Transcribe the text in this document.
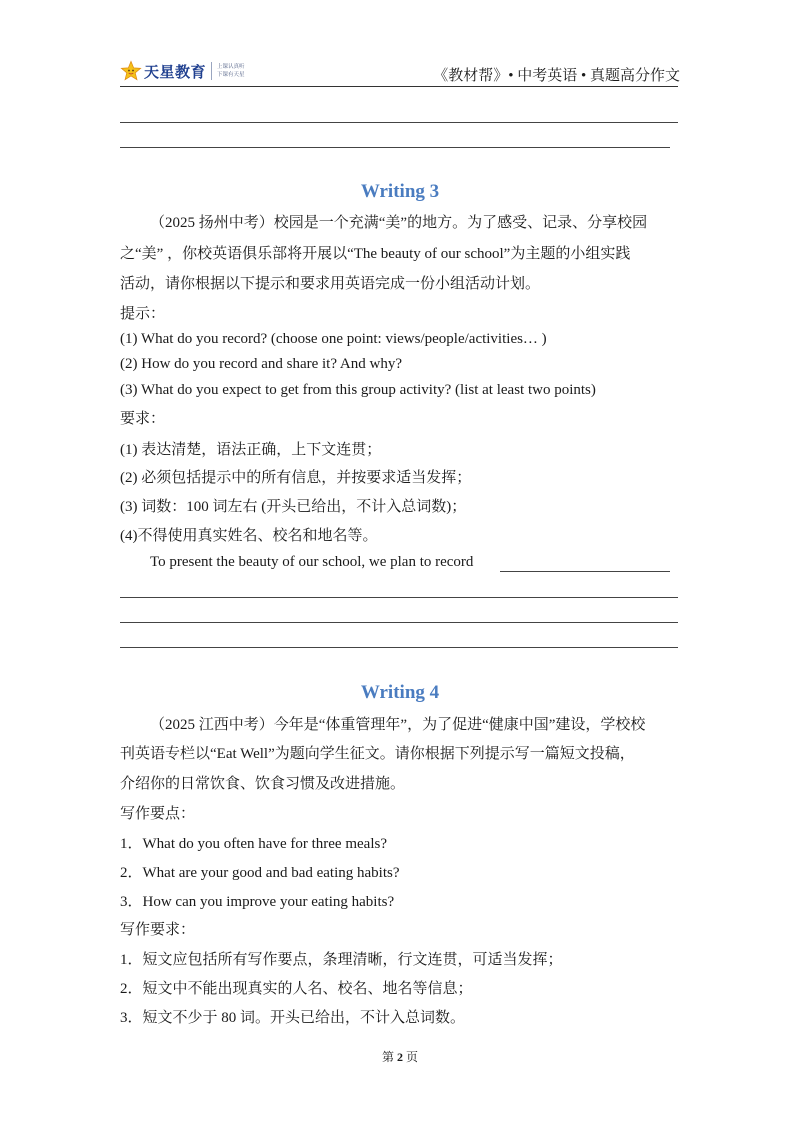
天星教育 上课认真听
下课有天星	《教材帮》• 中考英语 • 真题高分作文
Writing 3
（2025 扬州中考）校园是一个充满“美”的地方。为了感受、记录、分享校园
之“美” ，你校英语俱乐部将开展以“The beauty of our school”为主题的小组实践
活动，请你根据以下提示和要求用英语完成一份小组活动计划。
提示：
(1) What do you record? (choose one point: views/people/activities… )
(2) How do you record and share it? And why?
(3) What do you expect to get from this group activity? (list at least two points)
要求：
(1) 表达清楚，语法正确，上下文连贯；
(2) 必须包括提示中的所有信息，并按要求适当发挥；
(3) 词数：100 词左右 (开头已给出，不计入总词数)；
(4)不得使用真实姓名、校名和地名等。
To present the beauty of our school, we plan to record
Writing 4
（2025 江西中考）今年是“体重管理年”，为了促进“健康中国”建设，学校校
刊英语专栏以“Eat Well”为题向学生征文。请你根据下列提示写一篇短文投稿，
介绍你的日常饮食、饮食习惯及改进措施。
写作要点：
1．What do you often have for three meals?
2．What are your good and bad eating habits?
3．How can you improve your eating habits?
写作要求：
1．短文应包括所有写作要点，条理清晰，行文连贯，可适当发挥；
2．短文中不能出现真实的人名、校名、地名等信息；
3．短文不少于 80 词。开头已给出，不计入总词数。
第 2 页
